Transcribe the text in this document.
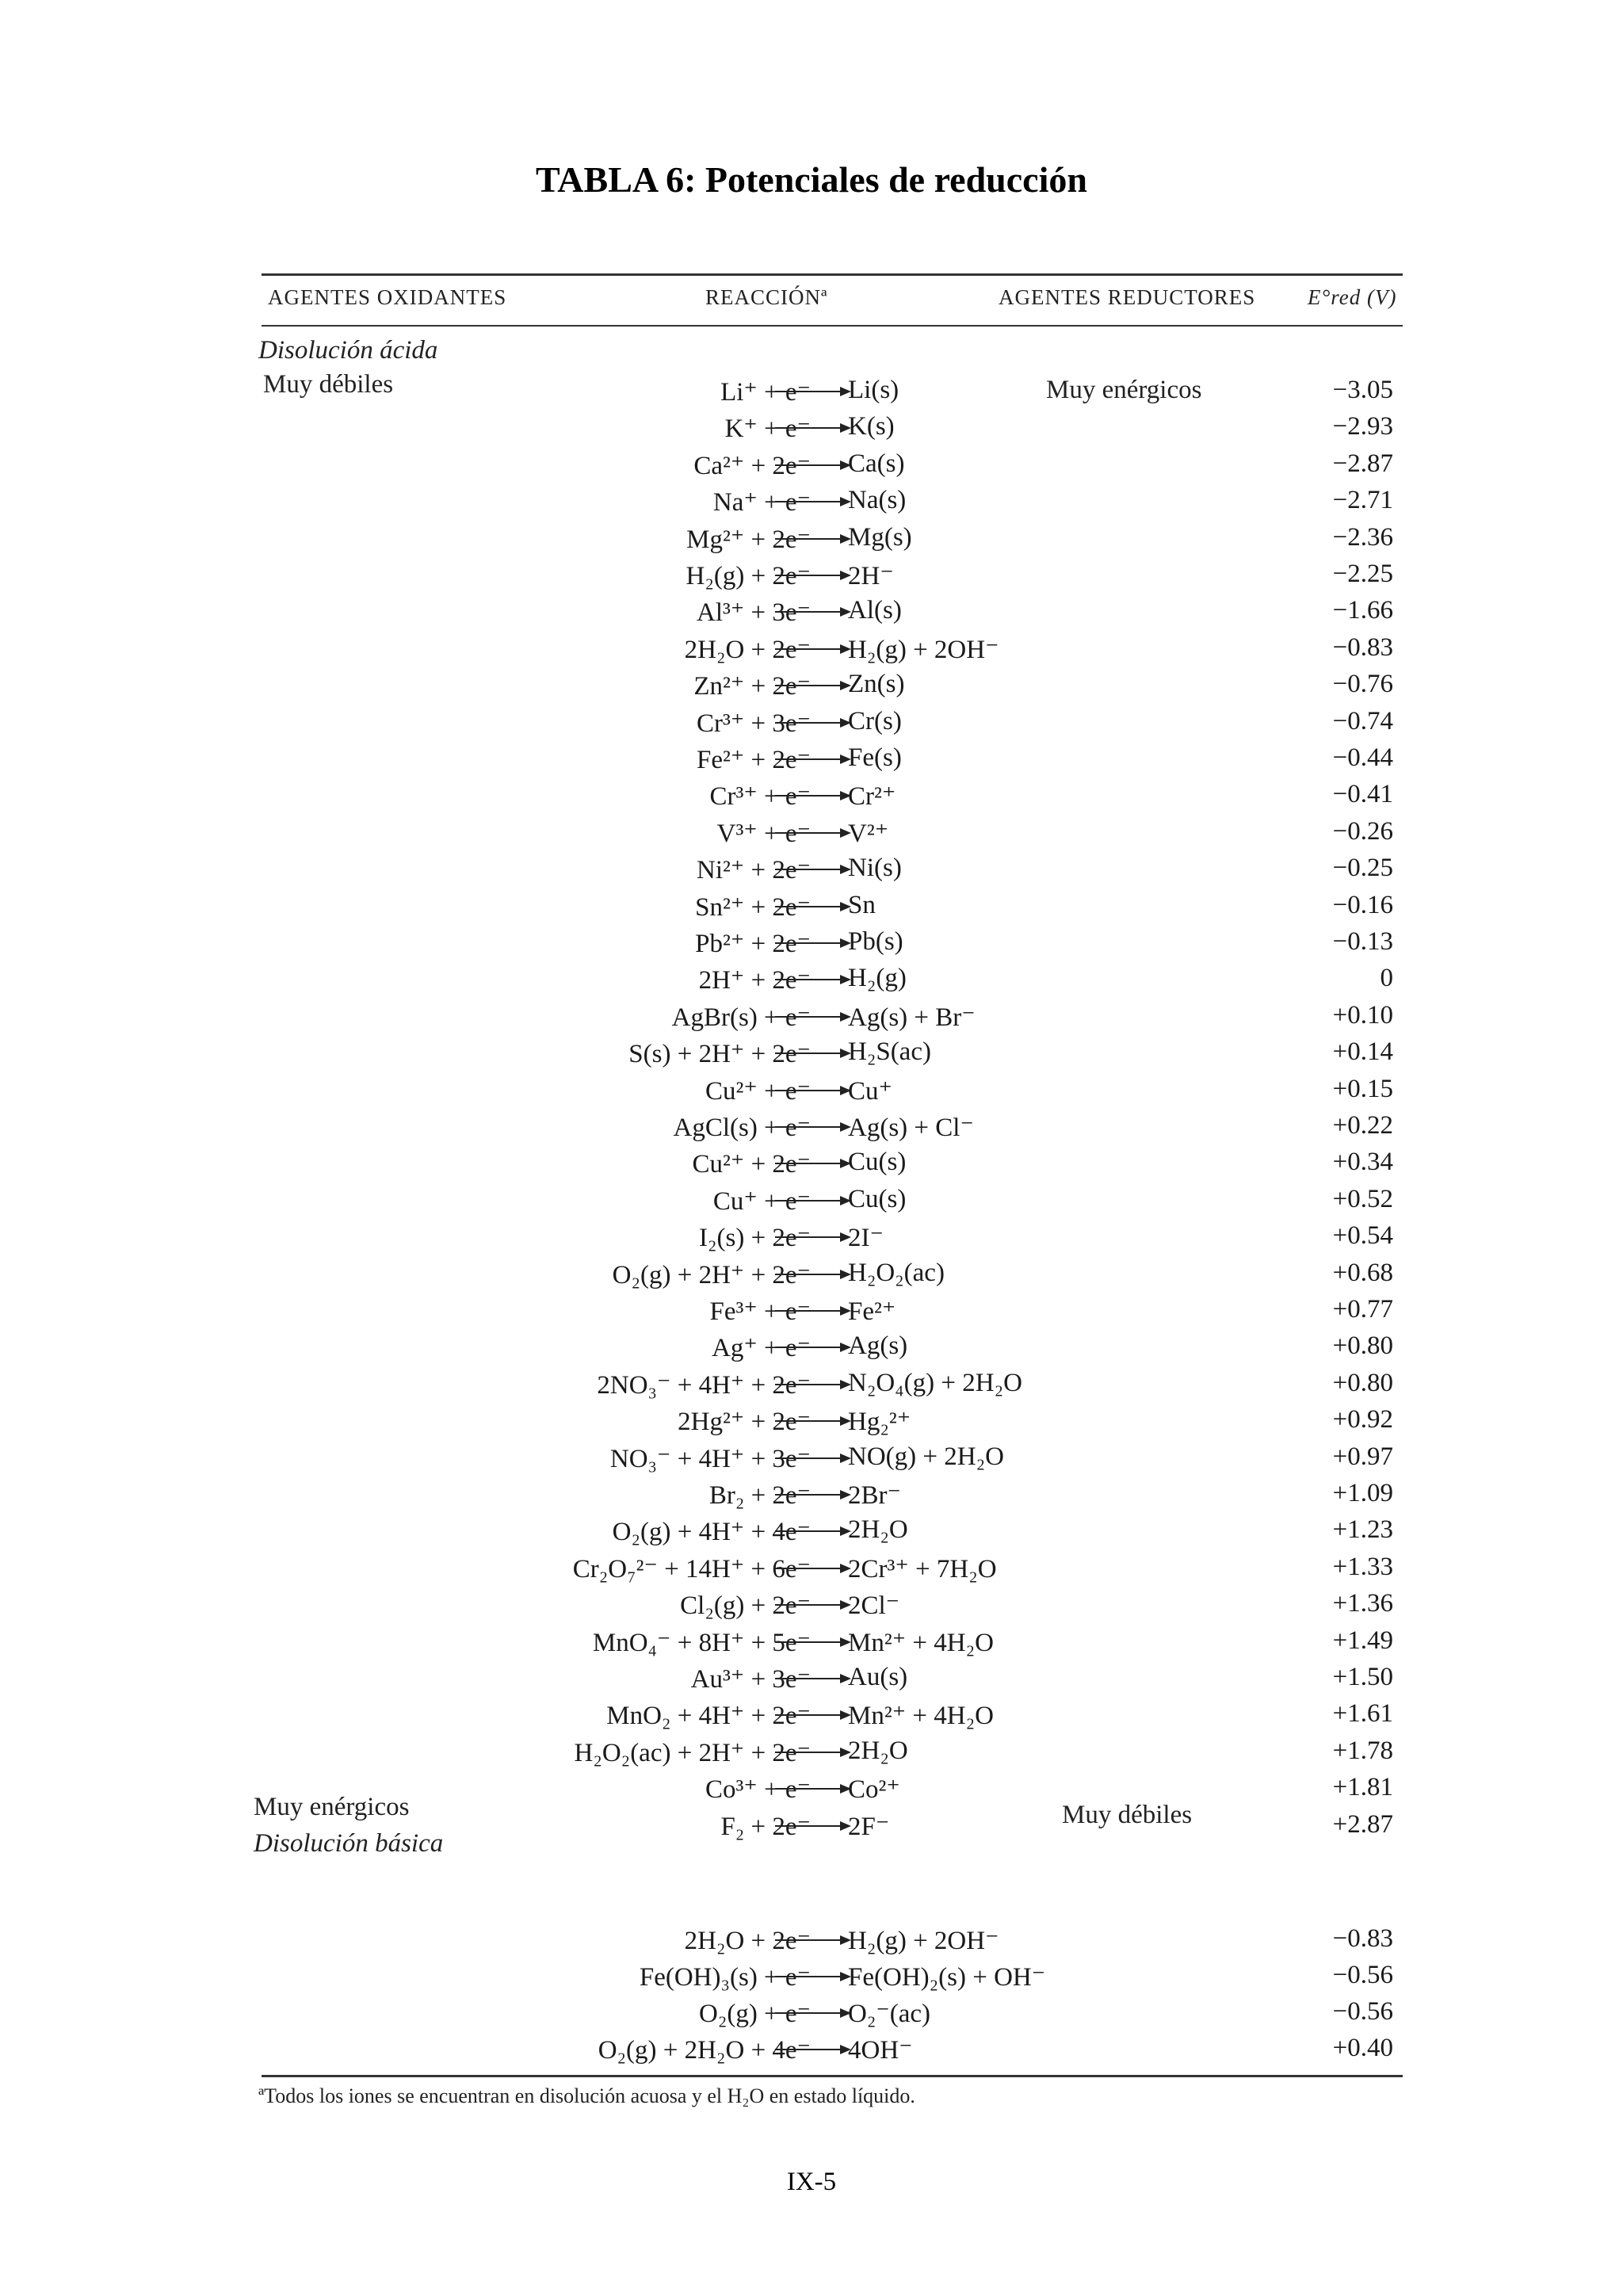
TABLA 6: Potenciales de reducción
AGENTES OXIDANTES	REACCIÓNª	AGENTES REDUCTORES E°red (V)
Disolución ácida
Muy débiles	Muy enérgicos
Muy enérgicos	Muy débiles
Disolución básica
Li⁺ + e⁻ Li(s)	−3.05
K⁺ + e⁻ K(s)	−2.93
Ca²⁺ + 2e⁻ Ca(s)	−2.87
Na⁺ + e⁻ Na(s)	−2.71
Mg²⁺ + 2e⁻ Mg(s)	−2.36
H₂(g) + 2e⁻ 2H⁻	−2.25
Al³⁺ + 3e⁻ Al(s)	−1.66
2H₂O + 2e⁻ H₂(g) + 2OH⁻	−0.83
Zn²⁺ + 2e⁻ Zn(s)	−0.76
Cr³⁺ + 3e⁻ Cr(s)	−0.74
Fe²⁺ + 2e⁻ Fe(s)	−0.44
Cr³⁺ + e⁻ Cr²⁺	−0.41
V³⁺ + e⁻ V²⁺	−0.26
Ni²⁺ + 2e⁻ Ni(s)	−0.25
Sn²⁺ + 2e⁻ Sn	−0.16
Pb²⁺ + 2e⁻ Pb(s)	−0.13
2H⁺ + 2e⁻ H₂(g)	0
AgBr(s) + e⁻ Ag(s) + Br⁻	+0.10
S(s) + 2H⁺ + 2e⁻ H₂S(ac)	+0.14
Cu²⁺ + e⁻ Cu⁺	+0.15
AgCl(s) + e⁻ Ag(s) + Cl⁻	+0.22
Cu²⁺ + 2e⁻ Cu(s)	+0.34
Cu⁺ + e⁻ Cu(s)	+0.52
I₂(s) + 2e⁻ 2I⁻	+0.54
O₂(g) + 2H⁺ + 2e⁻ H₂O₂(ac)	+0.68
Fe³⁺ + e⁻ Fe²⁺	+0.77
Ag⁺ + e⁻ Ag(s)	+0.80
2NO₃⁻ + 4H⁺ + 2e⁻ N₂O₄(g) + 2H₂O	+0.80
2Hg²⁺ + 2e⁻ Hg₂²⁺	+0.92
NO₃⁻ + 4H⁺ + 3e⁻ NO(g) + 2H₂O	+0.97
Br₂ + 2e⁻ 2Br⁻	+1.09
O₂(g) + 4H⁺ + 4e⁻ 2H₂O	+1.23
Cr₂O₇²⁻ + 14H⁺ + 6e⁻ 2Cr³⁺ + 7H₂O	+1.33
Cl₂(g) + 2e⁻ 2Cl⁻	+1.36
MnO₄⁻ + 8H⁺ + 5e⁻ Mn²⁺ + 4H₂O	+1.49
Au³⁺ + 3e⁻ Au(s)	+1.50
MnO₂ + 4H⁺ + 2e⁻ Mn²⁺ + 4H₂O	+1.61
H₂O₂(ac) + 2H⁺ + 2e⁻ 2H₂O	+1.78
Co³⁺ + e⁻ Co²⁺	+1.81
F₂ + 2e⁻ 2F⁻	+2.87
2H₂O + 2e⁻ H₂(g) + 2OH⁻	−0.83
Fe(OH)₃(s) + e⁻ Fe(OH)₂(s) + OH⁻	−0.56
O₂(g) + e⁻ O₂⁻(ac)	−0.56
O₂(g) + 2H₂O + 4e⁻ 4OH⁻	+0.40
ªTodos los iones se encuentran en disolución acuosa y el H₂O en estado líquido.
IX-5
